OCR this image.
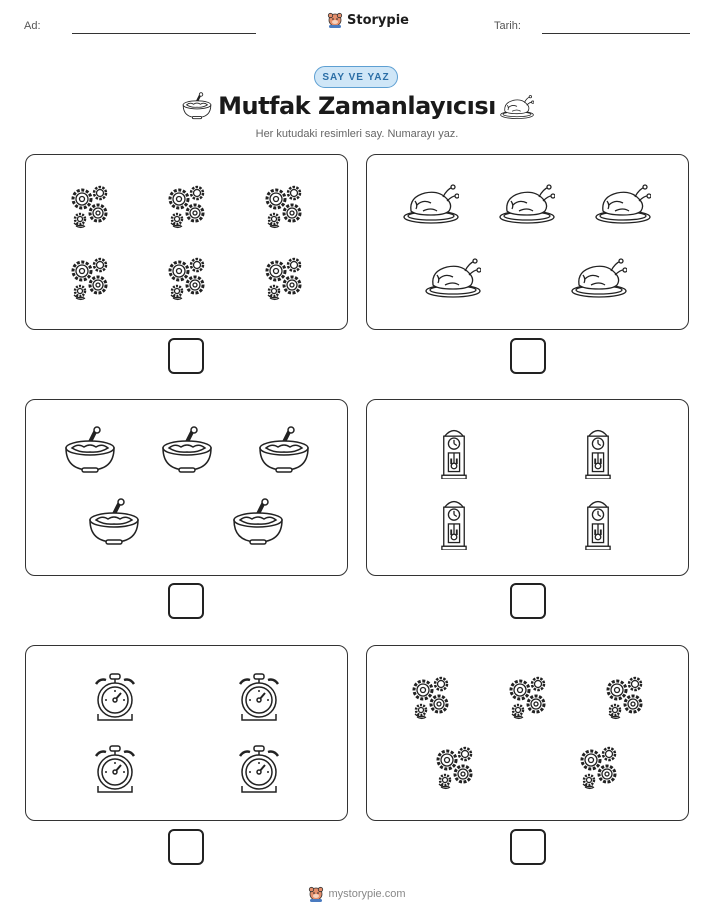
Ad:	Storypie	Tarih:
SAY VE YAZ
Mutfak Zamanlayıcısı
Her kutudaki resimleri say. Numarayı yaz.
mystorypie.com
